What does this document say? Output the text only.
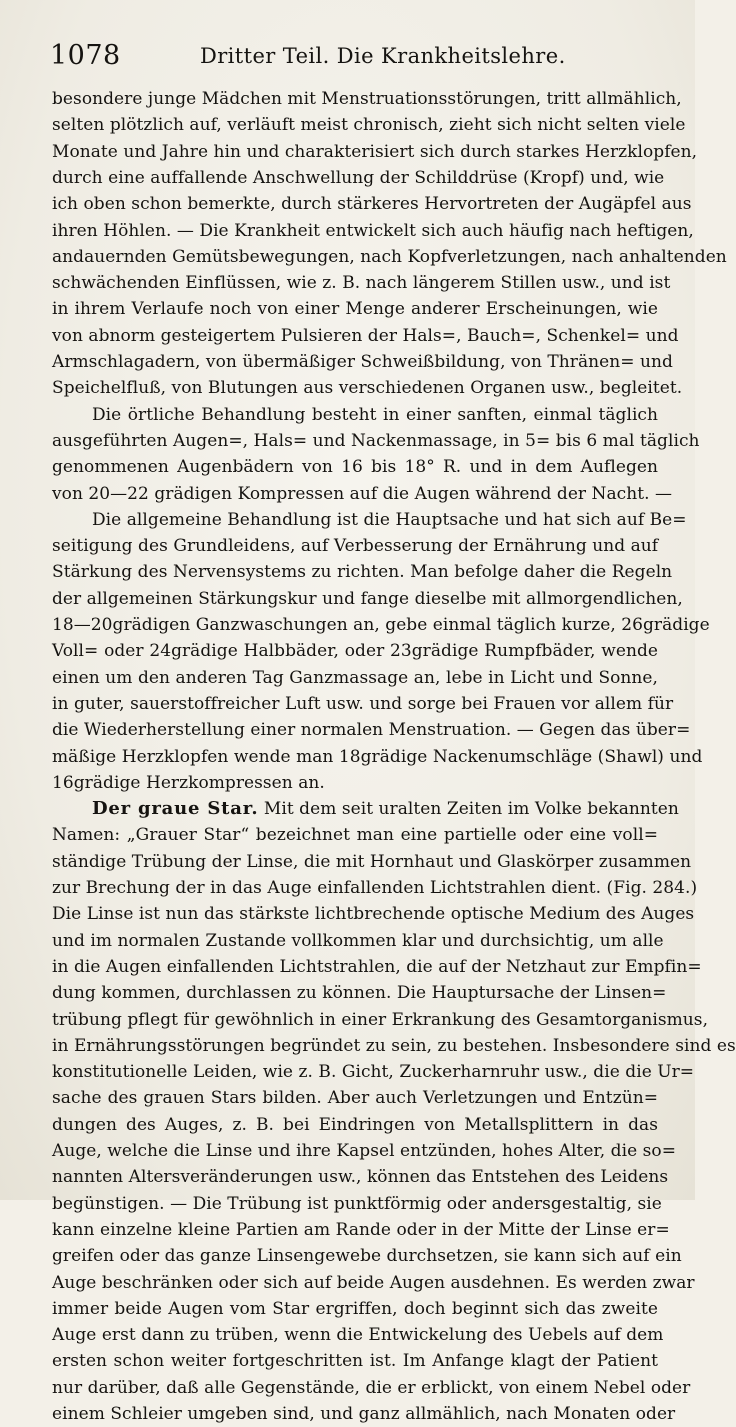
1078	Dritter Teil. Die Krankheitslehre.
besondere junge Mädchen mit Menstruationsstörungen, tritt allmählich,
selten plötzlich auf, verläuft meist chronisch, zieht sich nicht selten viele
Monate und Jahre hin und charakterisiert sich durch starkes Herzklopfen,
durch eine auffallende Anschwellung der Schilddrüse (Kropf) und, wie
ich oben schon bemerkte, durch stärkeres Hervortreten der Augäpfel aus
ihren Höhlen. — Die Krankheit entwickelt sich auch häufig nach heftigen,
andauernden Gemütsbewegungen, nach Kopfverletzungen, nach anhaltenden
schwächenden Einflüssen, wie z. B. nach längerem Stillen usw., und ist
in ihrem Verlaufe noch von einer Menge anderer Erscheinungen, wie
von abnorm gesteigertem Pulsieren der Hals=, Bauch=, Schenkel= und
Armschlagadern, von übermäßiger Schweißbildung, von Thränen= und
Speichelfluß, von Blutungen aus verschiedenen Organen usw., begleitet.
Die örtliche Behandlung besteht in einer sanften, einmal täglich
ausgeführten Augen=, Hals= und Nackenmassage, in 5= bis 6 mal täglich
genommenen Augenbädern von 16 bis 18° R. und in dem Auflegen
von 20—22 grädigen Kompressen auf die Augen während der Nacht. —
Die allgemeine Behandlung ist die Hauptsache und hat sich auf Be=
seitigung des Grundleidens, auf Verbesserung der Ernährung und auf
Stärkung des Nervensystems zu richten. Man befolge daher die Regeln
der allgemeinen Stärkungskur und fange dieselbe mit allmorgendlichen,
18—20grädigen Ganzwaschungen an, gebe einmal täglich kurze, 26grädige
Voll= oder 24grädige Halbbäder, oder 23grädige Rumpfbäder, wende
einen um den anderen Tag Ganzmassage an, lebe in Licht und Sonne,
in guter, sauerstoffreicher Luft usw. und sorge bei Frauen vor allem für
die Wiederherstellung einer normalen Menstruation. — Gegen das über=
mäßige Herzklopfen wende man 18grädige Nackenumschläge (Shawl) und
16grädige Herzkompressen an.
Der graue Star. Mit dem seit uralten Zeiten im Volke bekannten
Namen: „Grauer Star“ bezeichnet man eine partielle oder eine voll=
ständige Trübung der Linse, die mit Hornhaut und Glaskörper zusammen
zur Brechung der in das Auge einfallenden Lichtstrahlen dient. (Fig. 284.)
Die Linse ist nun das stärkste lichtbrechende optische Medium des Auges
und im normalen Zustande vollkommen klar und durchsichtig, um alle
in die Augen einfallenden Lichtstrahlen, die auf der Netzhaut zur Empfin=
dung kommen, durchlassen zu können. Die Hauptursache der Linsen=
trübung pflegt für gewöhnlich in einer Erkrankung des Gesamtorganismus,
in Ernährungsstörungen begründet zu sein, zu bestehen. Insbesondere sind es
konstitutionelle Leiden, wie z. B. Gicht, Zuckerharnruhr usw., die die Ur=
sache des grauen Stars bilden. Aber auch Verletzungen und Entzün=
dungen des Auges, z. B. bei Eindringen von Metallsplittern in das
Auge, welche die Linse und ihre Kapsel entzünden, hohes Alter, die so=
nannten Altersveränderungen usw., können das Entstehen des Leidens
begünstigen. — Die Trübung ist punktförmig oder andersgestaltig, sie
kann einzelne kleine Partien am Rande oder in der Mitte der Linse er=
greifen oder das ganze Linsengewebe durchsetzen, sie kann sich auf ein
Auge beschränken oder sich auf beide Augen ausdehnen. Es werden zwar
immer beide Augen vom Star ergriffen, doch beginnt sich das zweite
Auge erst dann zu trüben, wenn die Entwickelung des Uebels auf dem
ersten schon weiter fortgeschritten ist. Im Anfange klagt der Patient
nur darüber, daß alle Gegenstände, die er erblickt, von einem Nebel oder
einem Schleier umgeben sind, und ganz allmählich, nach Monaten oder
